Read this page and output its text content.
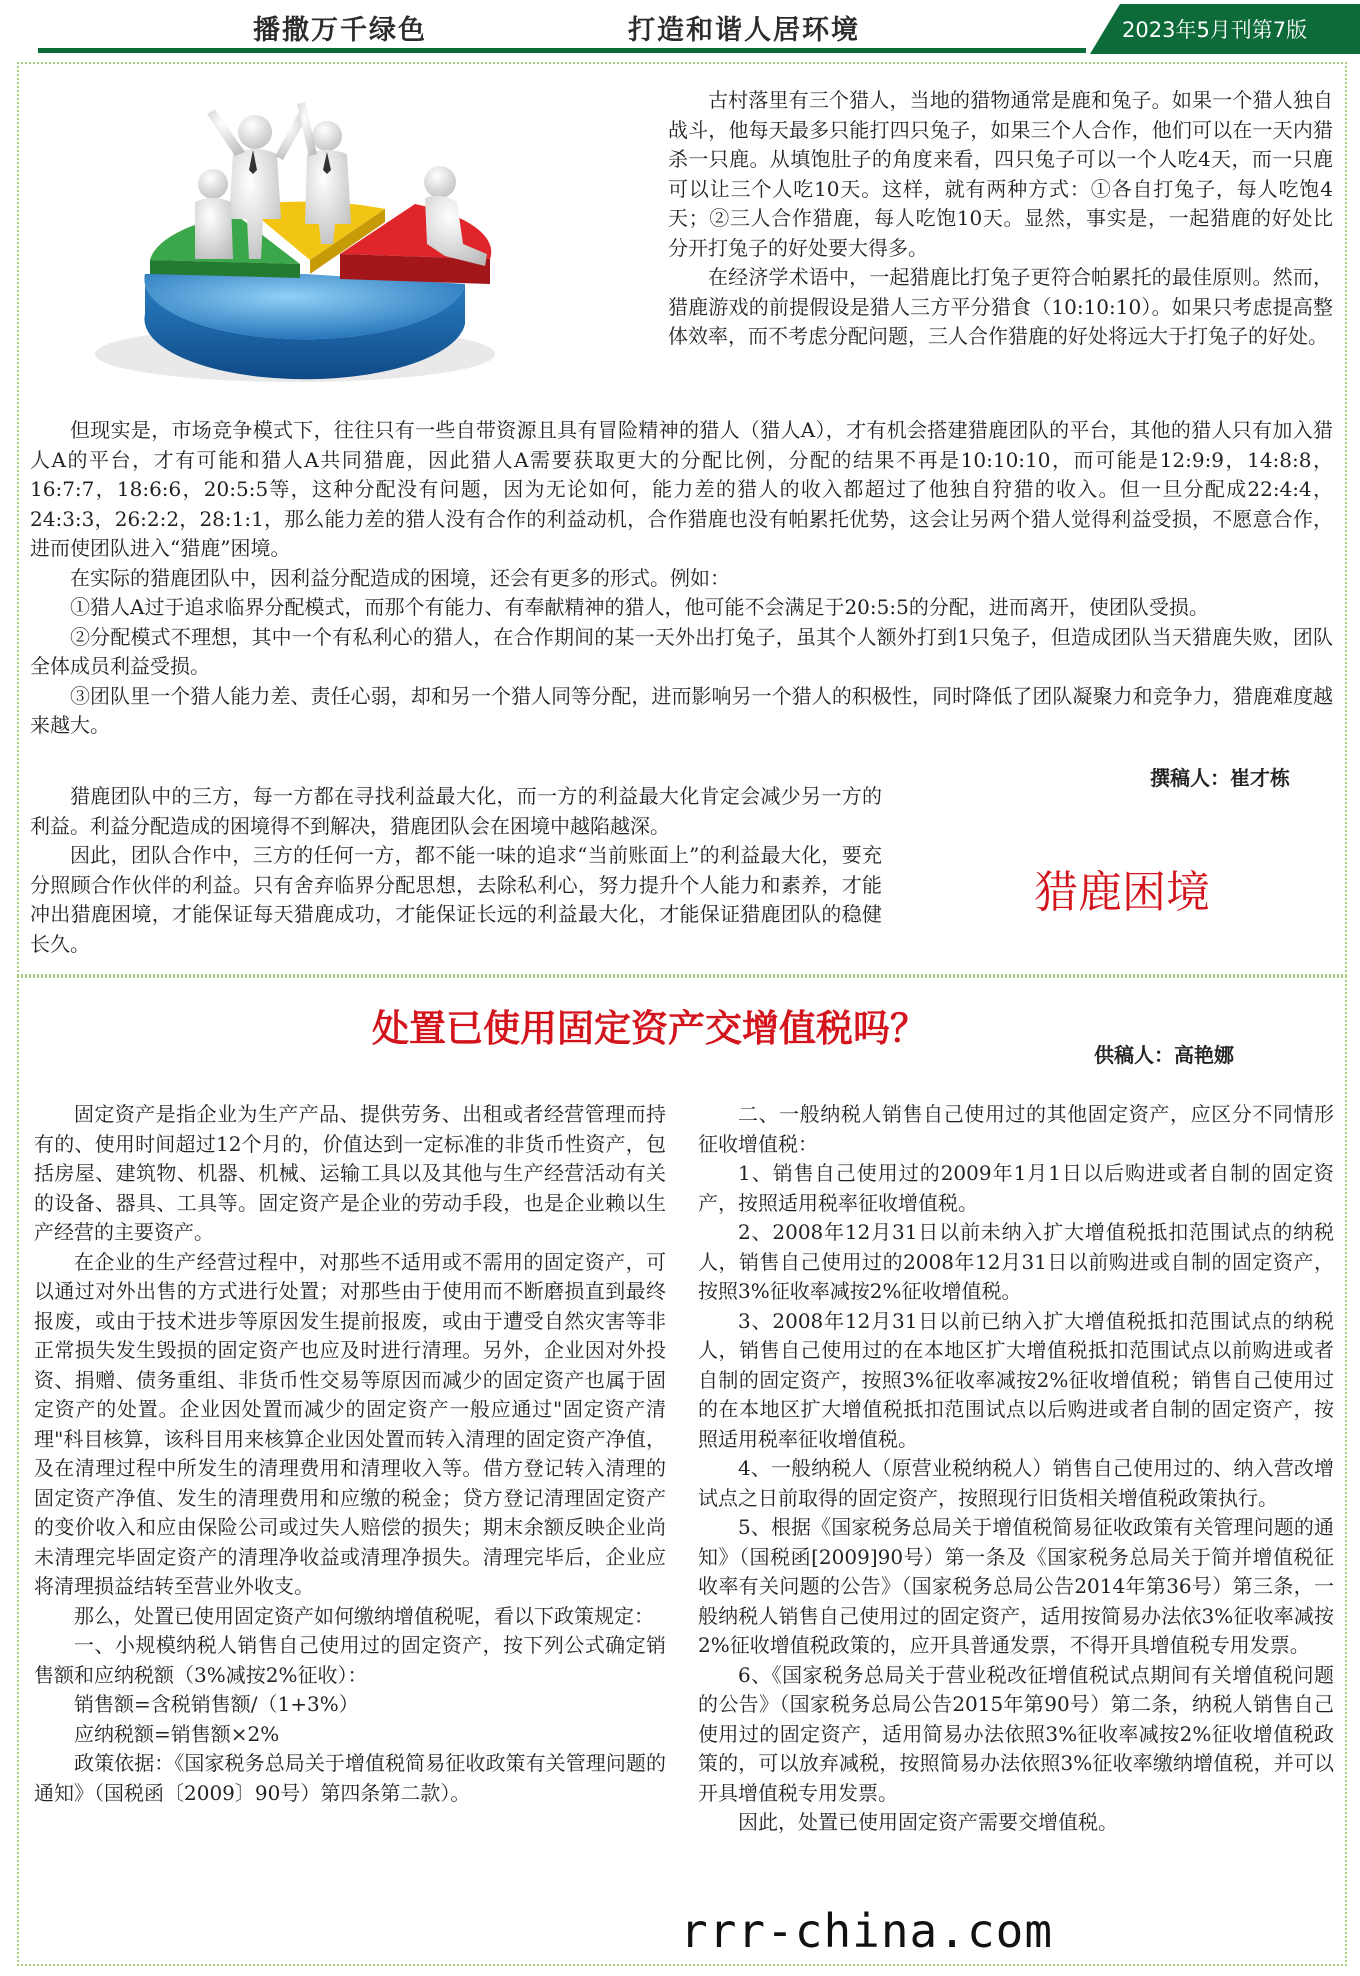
播撒万千绿色	打造和谐人居环境	2023年5月刊第7版

古村落里有三个猎人，当地的猎物通常是鹿和兔子。如果一个猎人独自战斗，他每天最多只能打四只兔子，如果三个人合作，他们可以在一天内猎杀一只鹿。从填饱肚子的角度来看，四只兔子可以一个人吃4天，而一只鹿可以让三个人吃10天。这样，就有两种方式：①各自打兔子，每人吃饱4天；②三人合作猎鹿，每人吃饱10天。显然，事实是，一起猎鹿的好处比分开打兔子的好处要大得多。

在经济学术语中，一起猎鹿比打兔子更符合帕累托的最佳原则。然而，猎鹿游戏的前提假设是猎人三方平分猎食（10:10:10）。如果只考虑提高整体效率，而不考虑分配问题，三人合作猎鹿的好处将远大于打兔子的好处。

但现实是，市场竞争模式下，往往只有一些自带资源且具有冒险精神的猎人（猎人A），才有机会搭建猎鹿团队的平台，其他的猎人只有加入猎人A的平台，才有可能和猎人A共同猎鹿，因此猎人A需要获取更大的分配比例，分配的结果不再是10:10:10，而可能是12:9:9，14:8:8，16:7:7，18:6:6，20:5:5等，这种分配没有问题，因为无论如何，能力差的猎人的收入都超过了他独自狩猎的收入。但一旦分配成22:4:4，24:3:3，26:2:2，28:1:1，那么能力差的猎人没有合作的利益动机，合作猎鹿也没有帕累托优势，这会让另两个猎人觉得利益受损，不愿意合作，进而使团队进入“猎鹿”困境。

在实际的猎鹿团队中，因利益分配造成的困境，还会有更多的形式。例如：

①猎人A过于追求临界分配模式，而那个有能力、有奉献精神的猎人，他可能不会满足于20:5:5的分配，进而离开，使团队受损。

②分配模式不理想，其中一个有私利心的猎人，在合作期间的某一天外出打兔子，虽其个人额外打到1只兔子，但造成团队当天猎鹿失败，团队全体成员利益受损。

③团队里一个猎人能力差、责任心弱，却和另一个猎人同等分配，进而影响另一个猎人的积极性，同时降低了团队凝聚力和竞争力，猎鹿难度越来越大。

撰稿人：崔才栋

猎鹿团队中的三方，每一方都在寻找利益最大化，而一方的利益最大化肯定会减少另一方的利益。利益分配造成的困境得不到解决，猎鹿团队会在困境中越陷越深。

因此，团队合作中，三方的任何一方，都不能一味的追求“当前账面上”的利益最大化，要充分照顾合作伙伴的利益。只有舍弃临界分配思想，去除私利心，努力提升个人能力和素养，才能冲出猎鹿困境，才能保证每天猎鹿成功，才能保证长远的利益最大化，才能保证猎鹿团队的稳健长久。

猎鹿困境
处置已使用固定资产交增值税吗？
供稿人：高艳娜

固定资产是指企业为生产产品、提供劳务、出租或者经营管理而持有的、使用时间超过12个月的，价值达到一定标准的非货币性资产，包括房屋、建筑物、机器、机械、运输工具以及其他与生产经营活动有关的设备、器具、工具等。固定资产是企业的劳动手段，也是企业赖以生产经营的主要资产。

在企业的生产经营过程中，对那些不适用或不需用的固定资产，可以通过对外出售的方式进行处置；对那些由于使用而不断磨损直到最终报废，或由于技术进步等原因发生提前报废，或由于遭受自然灾害等非正常损失发生毁损的固定资产也应及时进行清理。另外，企业因对外投资、捐赠、债务重组、非货币性交易等原因而减少的固定资产也属于固定资产的处置。企业因处置而减少的固定资产一般应通过"固定资产清理"科目核算，该科目用来核算企业因处置而转入清理的固定资产净值，及在清理过程中所发生的清理费用和清理收入等。借方登记转入清理的固定资产净值、发生的清理费用和应缴的税金；贷方登记清理固定资产的变价收入和应由保险公司或过失人赔偿的损失；期末余额反映企业尚未清理完毕固定资产的清理净收益或清理净损失。清理完毕后，企业应将清理损益结转至营业外收支。

那么，处置已使用固定资产如何缴纳增值税呢，看以下政策规定：

一、小规模纳税人销售自己使用过的固定资产，按下列公式确定销售额和应纳税额（3%减按2%征收）：

销售额=含税销售额/（1+3%）

应纳税额=销售额×2%

政策依据：《国家税务总局关于增值税简易征收政策有关管理问题的通知》（国税函〔2009〕90号）第四条第二款）。

二、一般纳税人销售自己使用过的其他固定资产，应区分不同情形征收增值税：

1、销售自己使用过的2009年1月1日以后购进或者自制的固定资产，按照适用税率征收增值税。

2、2008年12月31日以前未纳入扩大增值税抵扣范围试点的纳税人，销售自己使用过的2008年12月31日以前购进或自制的固定资产，按照3%征收率减按2%征收增值税。

3、2008年12月31日以前已纳入扩大增值税抵扣范围试点的纳税人，销售自己使用过的在本地区扩大增值税抵扣范围试点以前购进或者自制的固定资产，按照3%征收率减按2%征收增值税；销售自己使用过的在本地区扩大增值税抵扣范围试点以后购进或者自制的固定资产，按照适用税率征收增值税。

4、一般纳税人（原营业税纳税人）销售自己使用过的、纳入营改增试点之日前取得的固定资产，按照现行旧货相关增值税政策执行。

5、根据《国家税务总局关于增值税简易征收政策有关管理问题的通知》（国税函[2009]90号）第一条及《国家税务总局关于简并增值税征收率有关问题的公告》（国家税务总局公告2014年第36号）第三条，一般纳税人销售自己使用过的固定资产，适用按简易办法依3%征收率减按2%征收增值税政策的，应开具普通发票，不得开具增值税专用发票。

6、《国家税务总局关于营业税改征增值税试点期间有关增值税问题的公告》（国家税务总局公告2015年第90号）第二条，纳税人销售自己使用过的固定资产，适用简易办法依照3%征收率减按2%征收增值税政策的，可以放弃减税，按照简易办法依照3%征收率缴纳增值税，并可以开具增值税专用发票。

因此，处置已使用固定资产需要交增值税。

rrr-china.com
